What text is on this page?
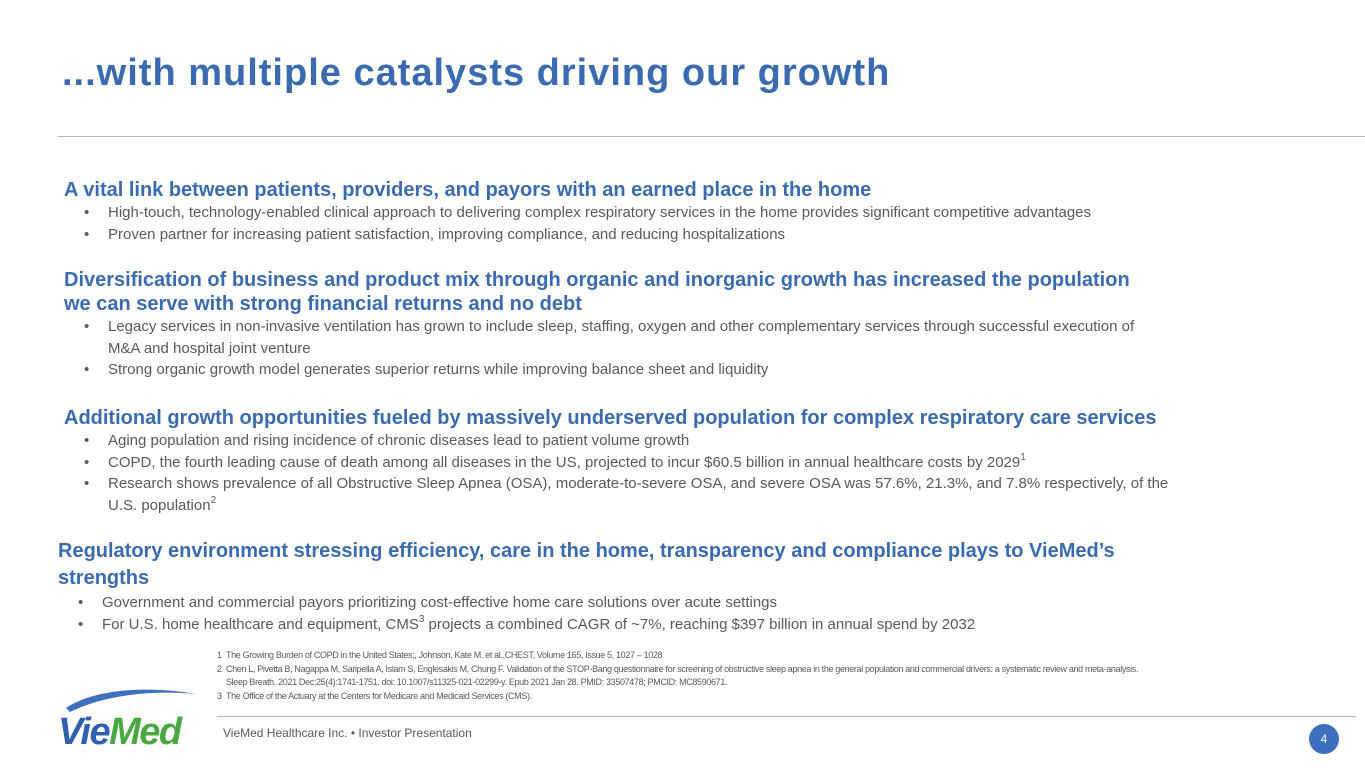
...with multiple catalysts driving our growth
A vital link between patients, providers, and payors with an earned place in the home
• High-touch, technology-enabled clinical approach to delivering complex respiratory services in the home provides significant competitive advantages
• Proven partner for increasing patient satisfaction, improving compliance, and reducing hospitalizations
Diversification of business and product mix through organic and inorganic growth has increased the population
we can serve with strong financial returns and no debt
• Legacy services in non-invasive ventilation has grown to include sleep, staffing, oxygen and other complementary services through successful execution of
M&A and hospital joint venture
• Strong organic growth model generates superior returns while improving balance sheet and liquidity
Additional growth opportunities fueled by massively underserved population for complex respiratory care services
• Aging population and rising incidence of chronic diseases lead to patient volume growth
• COPD, the fourth leading cause of death among all diseases in the US, projected to incur $60.5 billion in annual healthcare costs by 2029$^1$
• Research shows prevalence of all Obstructive Sleep Apnea (OSA), moderate-to-severe OSA, and severe OSA was 57.6%, 21.3%, and 7.8% respectively, of the
U.S. population$^2$
Regulatory environment stressing efficiency, care in the home, transparency and compliance plays to VieMed’s
strengths
• Government and commercial payors prioritizing cost-effective home care solutions over acute settings
• For U.S. home healthcare and equipment, CMS$^3$ projects a combined CAGR of ~7%, reaching $397 billion in annual spend by 2032
1 The Growing Burden of COPD in the United States;, Johnson, Kate M. et al.,CHEST, Volume 165, Issue 5, 1027 – 1028
2 Chen L, Pivetta B, Nagappa M, Saripella A, Islam S, Englesakis M, Chung F. Validation of the STOP-Bang questionnaire for screening of obstructive sleep apnea in the general population and commercial drivers: a systematic review and meta-analysis.
Sleep Breath. 2021 Dec;25(4):1741-1751. doi: 10.1007/s11325-021-02299-y. Epub 2021 Jan 28. PMID: 33507478; PMCID: MC8590671.
3 The Office of the Actuary at the Centers for Medicare and Medicaid Services (CMS).
VieMed	VieMed Healthcare Inc. • Investor Presentation	4
